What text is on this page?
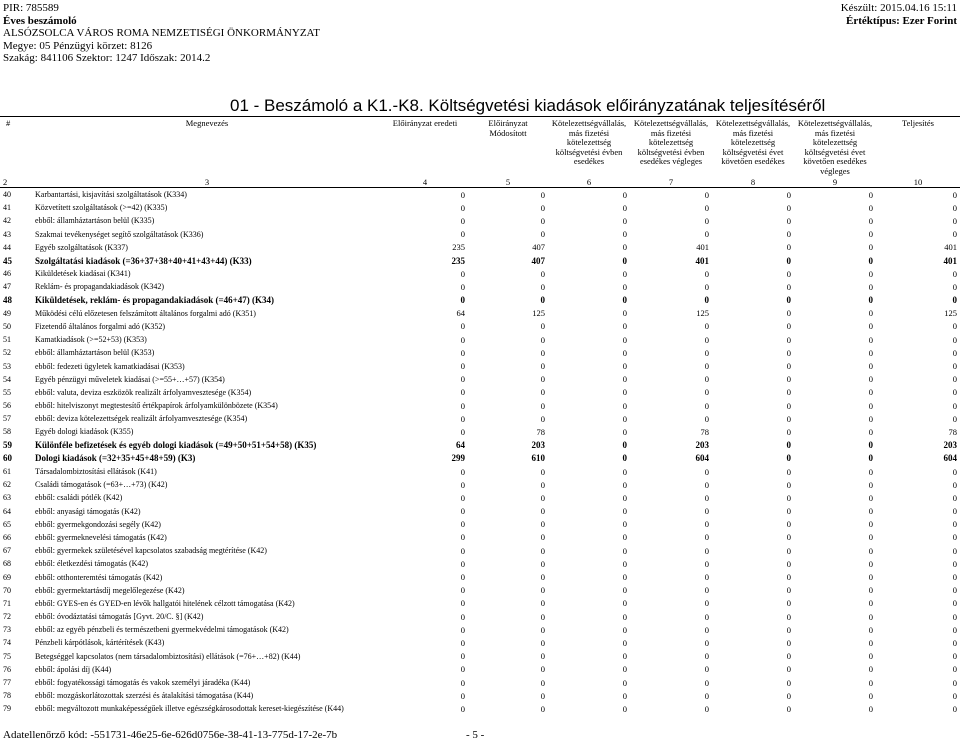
PIR: 785589
Éves beszámoló
ALSÓZSOLCA VÁROS ROMA NEMZETISÉGI ÖNKORMÁNYZAT
Megye: 05 Pénzügyi körzet: 8126
Szakág: 841106 Szektor: 1247 Időszak: 2014.2
Készült: 2015.04.16 15:11
Értéktípus: Ezer Forint
01 - Beszámoló a K1.-K8. Költségvetési kiadások előirányzatának teljesítéséről
#	Megnevezés	Előirányzat eredeti	Előirányzat Módosított	Kötelezettségvállalás, más fizetési kötelezettség költségvetési évben esedékes	Kötelezettségvállalás, más fizetési kötelezettség költségvetési évben esedékes végleges	Kötelezettségvállalás, más fizetési kötelezettség költségvetési évet követően esedékes	Kötelezettségvállalás, más fizetési kötelezettség költségvetési évet követően esedékes végleges	Teljesítés
2	3	4	5	6	7	8	9	10
40	Karbantartási, kisjavítási szolgáltatások (K334)	0	0	0	0	0	0	0
41	Közvetített szolgáltatások (>=42) (K335)	0	0	0	0	0	0	0
42	ebből: államháztartáson belül (K335)	0	0	0	0	0	0	0
43	Szakmai tevékenységet segítő szolgáltatások (K336)	0	0	0	0	0	0	0
44	Egyéb szolgáltatások (K337)	235	407	0	401	0	0	401
45	Szolgáltatási kiadások (=36+37+38+40+41+43+44) (K33)	235	407	0	401	0	0	401
46	Kiküldetések kiadásai (K341)	0	0	0	0	0	0	0
47	Reklám- és propagandakiadások (K342)	0	0	0	0	0	0	0
48	Kiküldetések, reklám- és propagandakiadások (=46+47) (K34)	0	0	0	0	0	0	0
49	Működési célú előzetesen felszámított általános forgalmi adó (K351)	64	125	0	125	0	0	125
50	Fizetendő általános forgalmi adó (K352)	0	0	0	0	0	0	0
51	Kamatkiadások (>=52+53) (K353)	0	0	0	0	0	0	0
52	ebből: államháztartáson belül (K353)	0	0	0	0	0	0	0
53	ebből: fedezeti ügyletek kamatkiadásai (K353)	0	0	0	0	0	0	0
54	Egyéb pénzügyi műveletek kiadásai (>=55+…+57) (K354)	0	0	0	0	0	0	0
55	ebből: valuta, deviza eszközök realizált árfolyamvesztesége (K354)	0	0	0	0	0	0	0
56	ebből: hitelviszonyt megtestesítő értékpapírok árfolyamkülönbözete (K354)	0	0	0	0	0	0	0
57	ebből: deviza kötelezettségek realizált árfolyamvesztesége (K354)	0	0	0	0	0	0	0
58	Egyéb dologi kiadások (K355)	0	78	0	78	0	0	78
59	Különféle befizetések és egyéb dologi kiadások (=49+50+51+54+58) (K35)	64	203	0	203	0	0	203
60	Dologi kiadások (=32+35+45+48+59) (K3)	299	610	0	604	0	0	604
61	Társadalombiztosítási ellátások (K41)	0	0	0	0	0	0	0
62	Családi támogatások (=63+…+73) (K42)	0	0	0	0	0	0	0
63	ebből: családi pótlék (K42)	0	0	0	0	0	0	0
64	ebből: anyasági támogatás (K42)	0	0	0	0	0	0	0
65	ebből: gyermekgondozási segély (K42)	0	0	0	0	0	0	0
66	ebből: gyermeknevelési támogatás (K42)	0	0	0	0	0	0	0
67	ebből: gyermekek születésével kapcsolatos szabadság megtérítése (K42)	0	0	0	0	0	0	0
68	ebből: életkezdési támogatás (K42)	0	0	0	0	0	0	0
69	ebből: otthonteremtési támogatás (K42)	0	0	0	0	0	0	0
70	ebből: gyermektartásdíj megelőlegezése (K42)	0	0	0	0	0	0	0
71	ebből: GYES-en és GYED-en lévők hallgatói hitelének célzott támogatása (K42)	0	0	0	0	0	0	0
72	ebből: óvodáztatási támogatás [Gyvt. 20/C. §] (K42)	0	0	0	0	0	0	0
73	ebből: az egyéb pénzbeli és természetbeni gyermekvédelmi támogatások (K42)	0	0	0	0	0	0	0
74	Pénzbeli kárpótlások, kártérítések (K43)	0	0	0	0	0	0	0
75	Betegséggel kapcsolatos (nem társadalombiztosítási) ellátások (=76+…+82) (K44)	0	0	0	0	0	0	0
76	ebből: ápolási díj (K44)	0	0	0	0	0	0	0
77	ebből: fogyatékossági támogatás és vakok személyi járadéka (K44)	0	0	0	0	0	0	0
78	ebből: mozgáskorlátozottak szerzési és átalakítási támogatása (K44)	0	0	0	0	0	0	0
79	ebből: megváltozott munkaképességűek illetve egészségkárosodottak kereset-kiegészítése (K44)	0	0	0	0	0	0	0
Adatellenőrző kód: -551731-46e25-6e-626d0756e-38-41-13-775d-17-2e-7b	- 5 -
